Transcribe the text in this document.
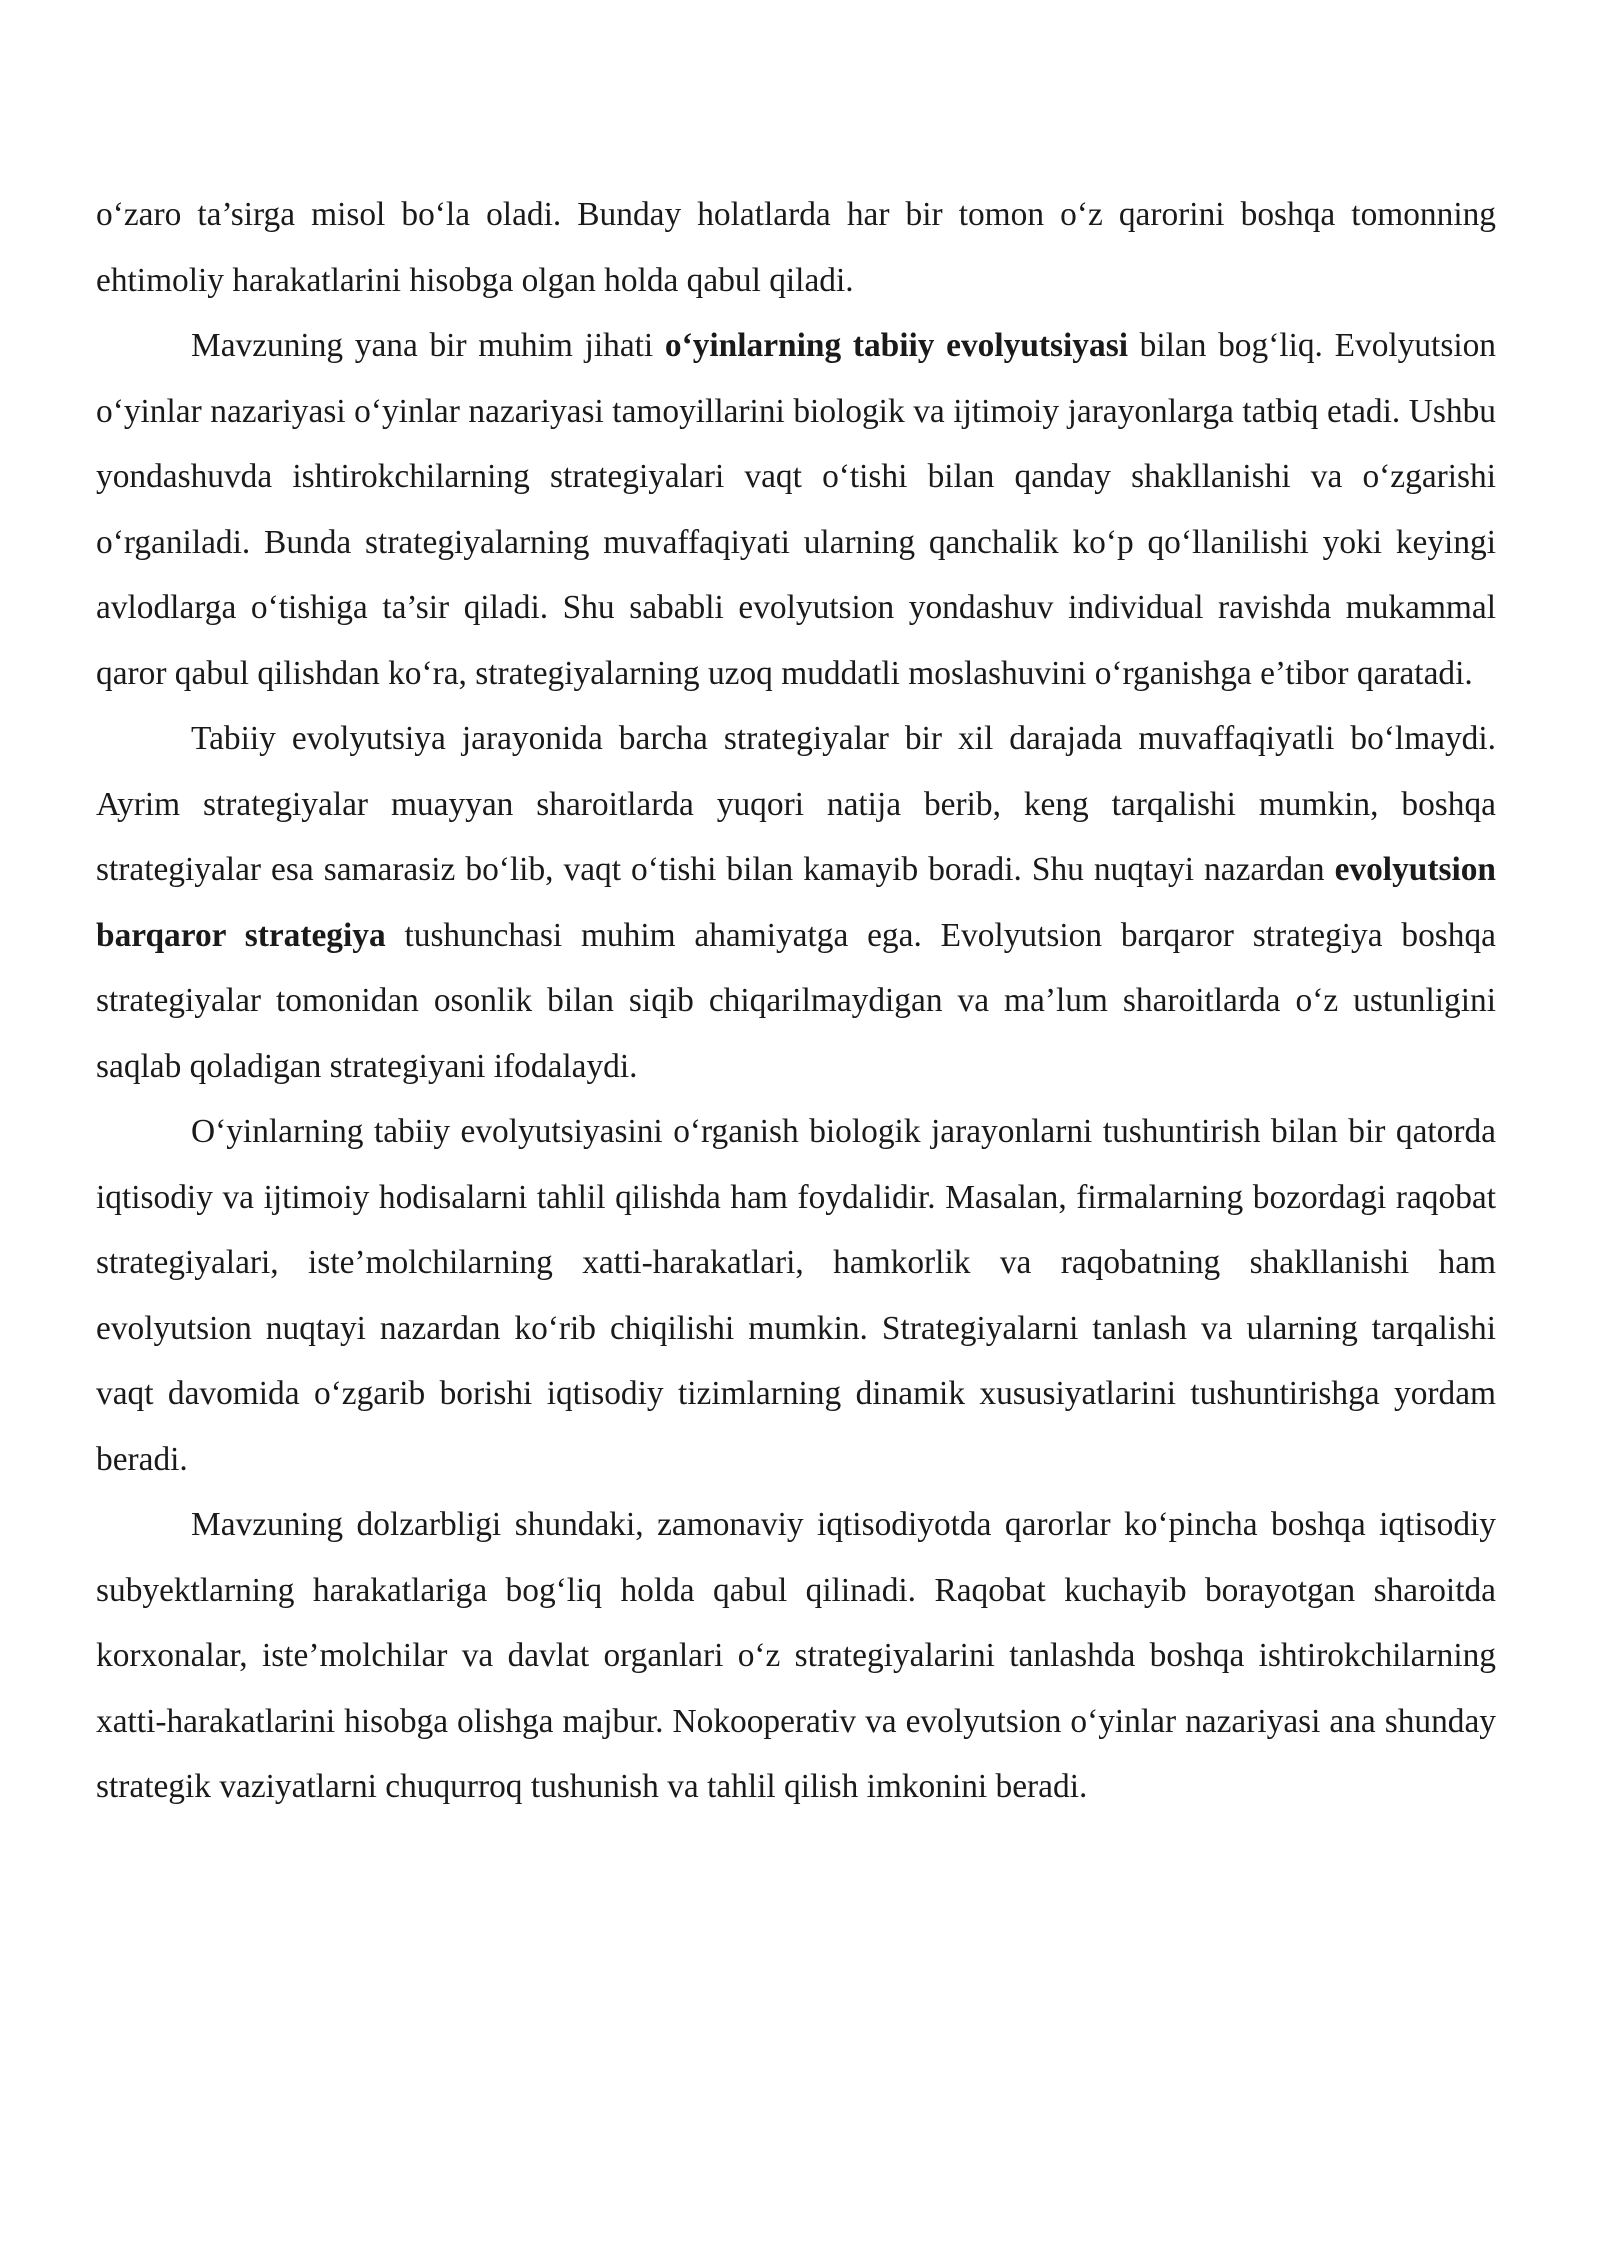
o‘zaro ta’sirga misol bo‘la oladi. Bunday holatlarda har bir tomon o‘z qarorini boshqa tomonning ehtimoliy harakatlarini hisobga olgan holda qabul qiladi.

Mavzuning yana bir muhim jihati o‘yinlarning tabiiy evolyutsiyasi bilan bog‘liq. Evolyutsion o‘yinlar nazariyasi o‘yinlar nazariyasi tamoyillarini biologik va ijtimoiy jarayonlarga tatbiq etadi. Ushbu yondashuvda ishtirokchilarning strategiyalari vaqt o‘tishi bilan qanday shakllanishi va o‘zgarishi o‘rganiladi. Bunda strategiyalarning muvaffaqiyati ularning qanchalik ko‘p qo‘llanilishi yoki keyingi avlodlarga o‘tishiga ta’sir qiladi. Shu sababli evolyutsion yondashuv individual ravishda mukammal qaror qabul qilishdan ko‘ra, strategiyalarning uzoq muddatli moslashuvini o‘rganishga e’tibor qaratadi.

Tabiiy evolyutsiya jarayonida barcha strategiyalar bir xil darajada muvaffaqiyatli bo‘lmaydi. Ayrim strategiyalar muayyan sharoitlarda yuqori natija berib, keng tarqalishi mumkin, boshqa strategiyalar esa samarasiz bo‘lib, vaqt o‘tishi bilan kamayib boradi. Shu nuqtayi nazardan evolyutsion barqaror strategiya tushunchasi muhim ahamiyatga ega. Evolyutsion barqaror strategiya boshqa strategiyalar tomonidan osonlik bilan siqib chiqarilmaydigan va ma’lum sharoitlarda o‘z ustunligini saqlab qoladigan strategiyani ifodalaydi.

O‘yinlarning tabiiy evolyutsiyasini o‘rganish biologik jarayonlarni tushuntirish bilan bir qatorda iqtisodiy va ijtimoiy hodisalarni tahlil qilishda ham foydalidir. Masalan, firmalarning bozordagi raqobat strategiyalari, iste’molchilarning xatti-harakatlari, hamkorlik va raqobatning shakllanishi ham evolyutsion nuqtayi nazardan ko‘rib chiqilishi mumkin. Strategiyalarni tanlash va ularning tarqalishi vaqt davomida o‘zgarib borishi iqtisodiy tizimlarning dinamik xususiyatlarini tushuntirishga yordam beradi.

Mavzuning dolzarbligi shundaki, zamonaviy iqtisodiyotda qarorlar ko‘pincha boshqa iqtisodiy subyektlarning harakatlariga bog‘liq holda qabul qilinadi. Raqobat kuchayib borayotgan sharoitda korxonalar, iste’molchilar va davlat organlari o‘z strategiyalarini tanlashda boshqa ishtirokchilarning xatti-harakatlarini hisobga olishga majbur. Nokooperativ va evolyutsion o‘yinlar nazariyasi ana shunday strategik vaziyatlarni chuqurroq tushunish va tahlil qilish imkonini beradi.
